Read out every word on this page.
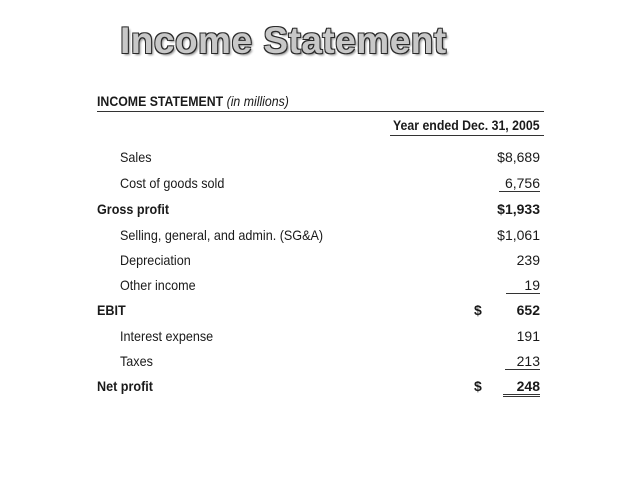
Income Statement
INCOME STATEMENT (in millions)
Year ended Dec. 31, 2005
Sales	$8,689
Cost of goods sold	6,756
Gross profit	$1,933
Selling, general, and admin. (SG&A)	$1,061
Depreciation	239
Other income	19
EBIT	$ 652
Interest expense	191
Taxes	213
Net profit	$	248
